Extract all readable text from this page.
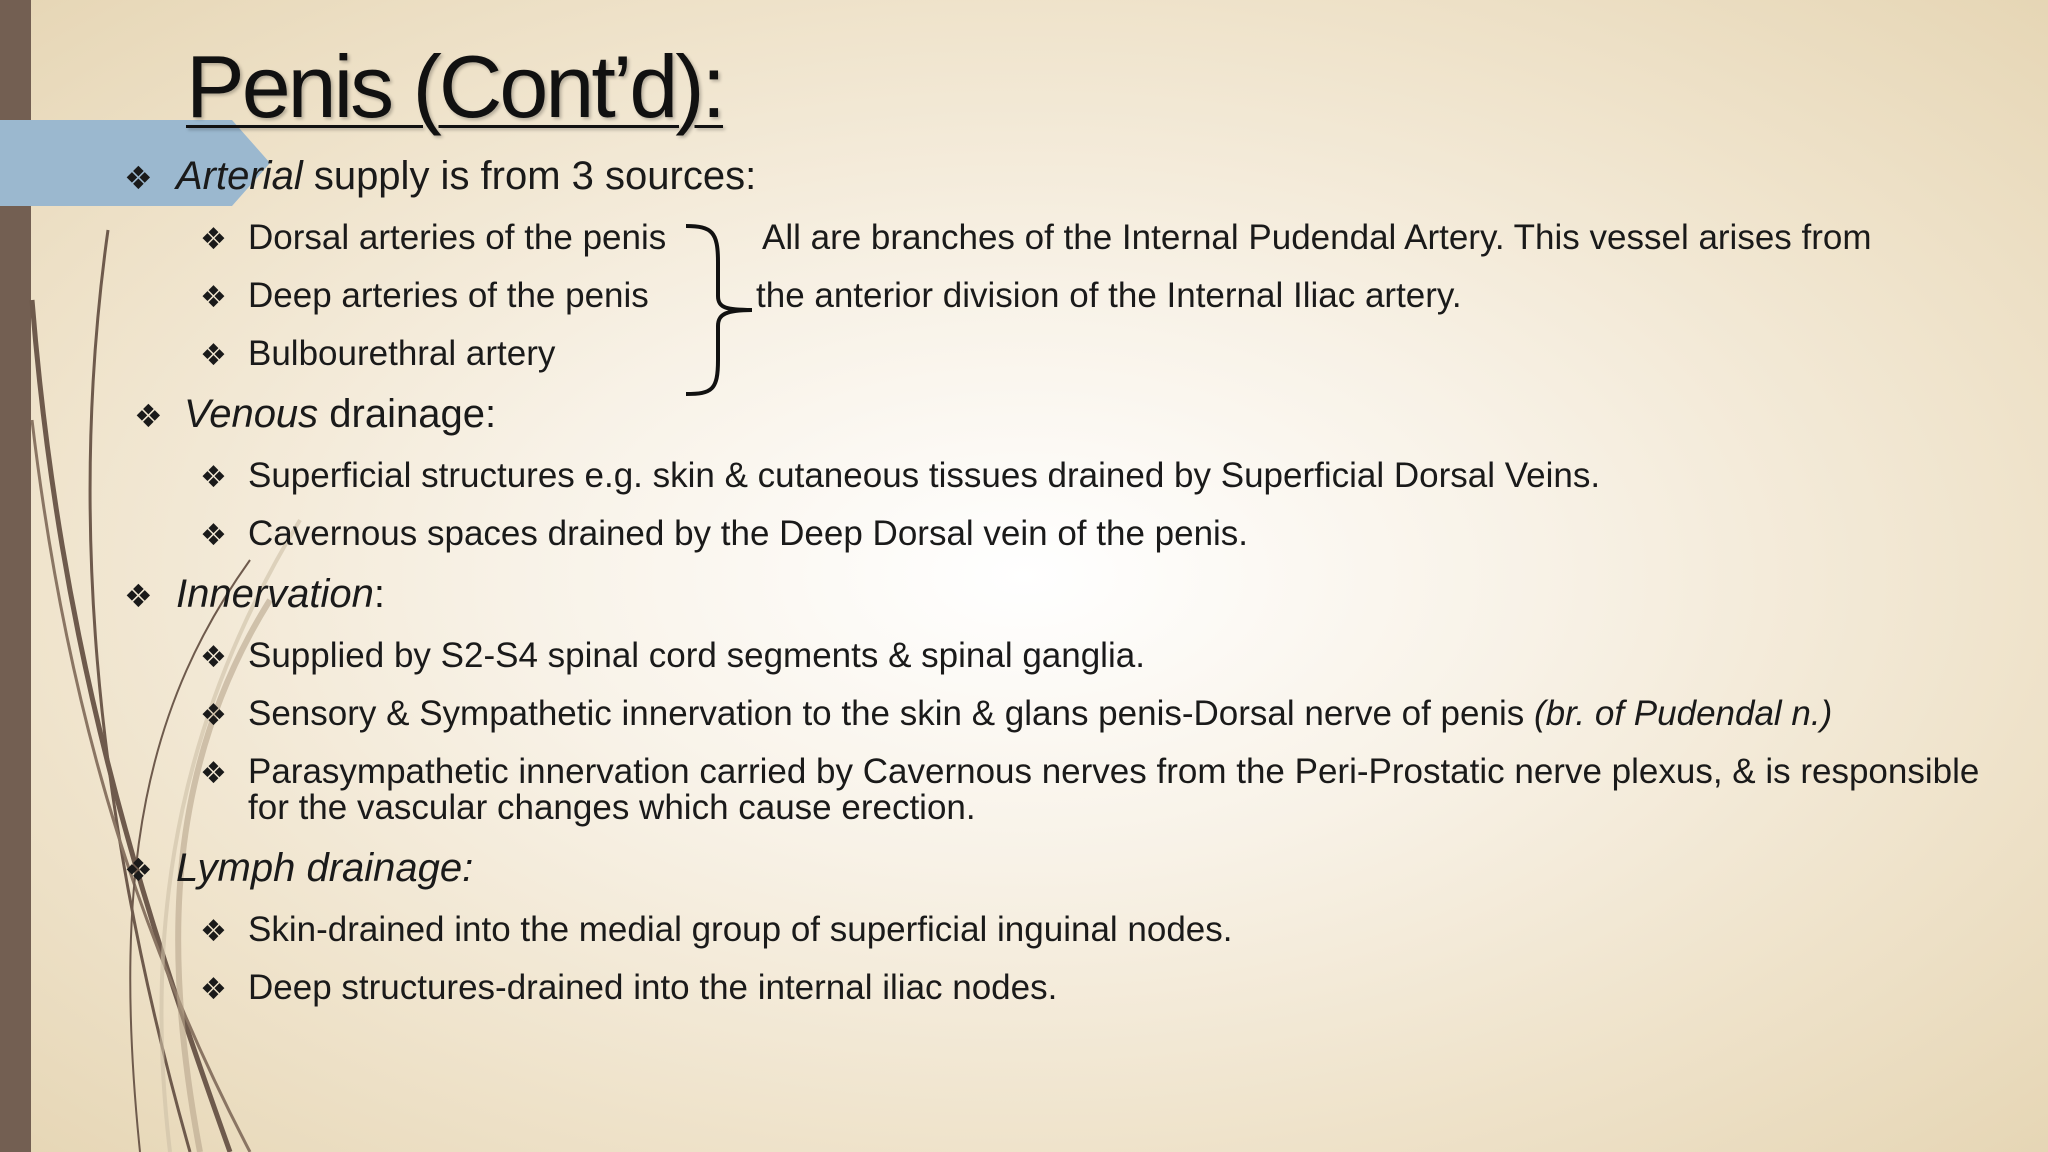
Penis (Cont’d):
❖ Arterial supply is from 3 sources:
❖ Dorsal arteries of the penis
❖ Deep arteries of the penis
❖ Bulbourethral artery
All are branches of the Internal Pudendal Artery. This vessel arises from
the anterior division of the Internal Iliac artery.
❖ Venous drainage:
❖ Superficial structures e.g. skin & cutaneous tissues drained by Superficial Dorsal Veins.
❖ Cavernous spaces drained by the Deep Dorsal vein of the penis.
❖ Innervation:
❖ Supplied by S2-S4 spinal cord segments & spinal ganglia.
❖ Sensory & Sympathetic innervation to the skin & glans penis-Dorsal nerve of penis (br. of Pudendal n.)
❖ Parasympathetic innervation carried by Cavernous nerves from the Peri-Prostatic nerve plexus, & is responsible
for the vascular changes which cause erection.
❖ Lymph drainage:
❖ Skin-drained into the medial group of superficial inguinal nodes.
❖ Deep structures-drained into the internal iliac nodes.
